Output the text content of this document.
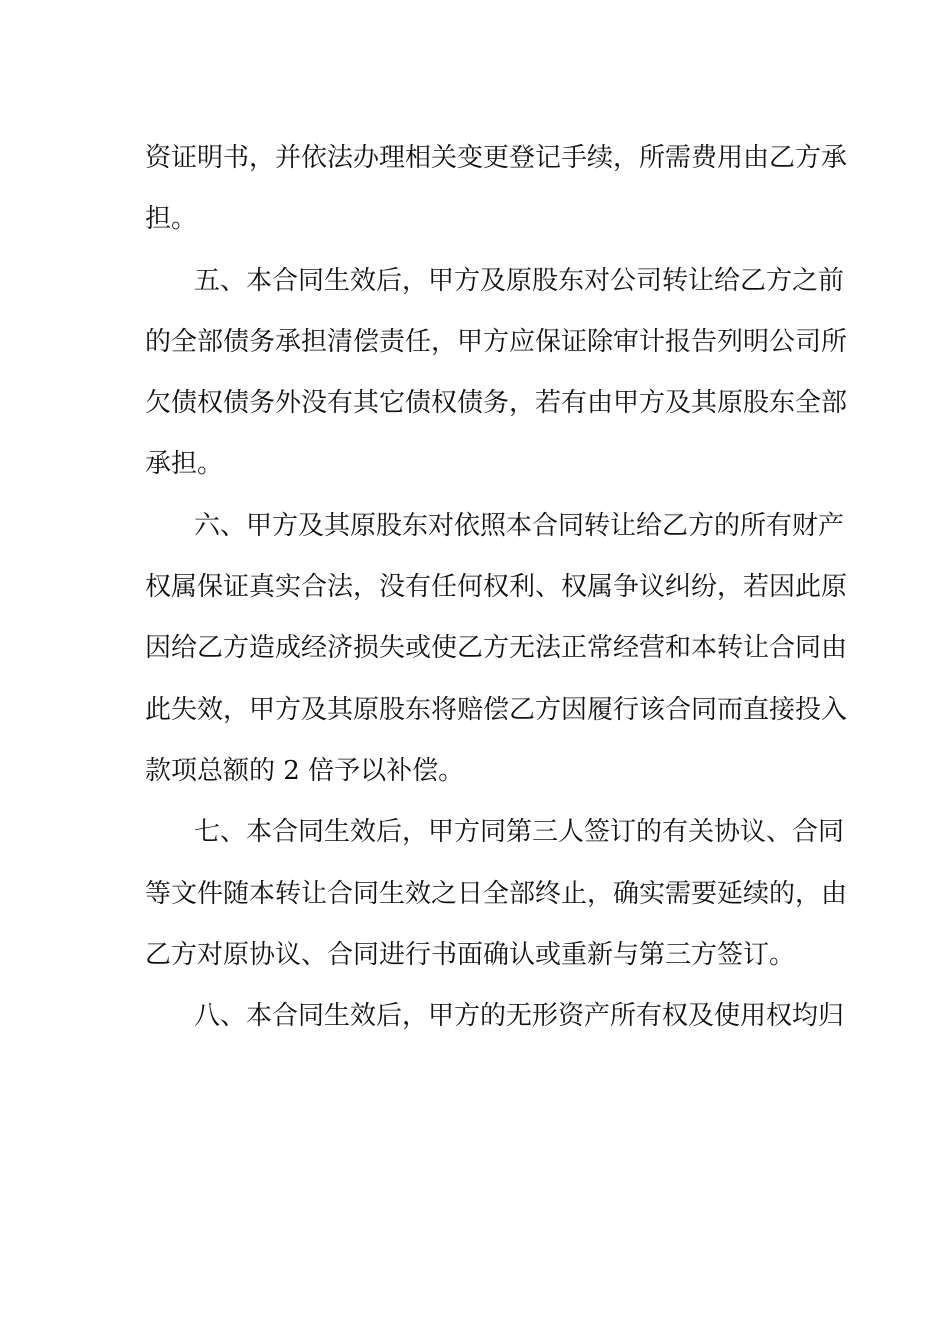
资证明书，并依法办理相关变更登记手续，所需费用由乙方承
担。
五、本合同生效后，甲方及原股东对公司转让给乙方之前
的全部债务承担清偿责任，甲方应保证除审计报告列明公司所
欠债权债务外没有其它债权债务，若有由甲方及其原股东全部
承担。
六、甲方及其原股东对依照本合同转让给乙方的所有财产
权属保证真实合法，没有任何权利、权属争议纠纷，若因此原
因给乙方造成经济损失或使乙方无法正常经营和本转让合同由
此失效，甲方及其原股东将赔偿乙方因履行该合同而直接投入
款项总额的 2 倍予以补偿。
七、本合同生效后，甲方同第三人签订的有关协议、合同
等文件随本转让合同生效之日全部终止，确实需要延续的，由
乙方对原协议、合同进行书面确认或重新与第三方签订。
八、本合同生效后，甲方的无形资产所有权及使用权均归
